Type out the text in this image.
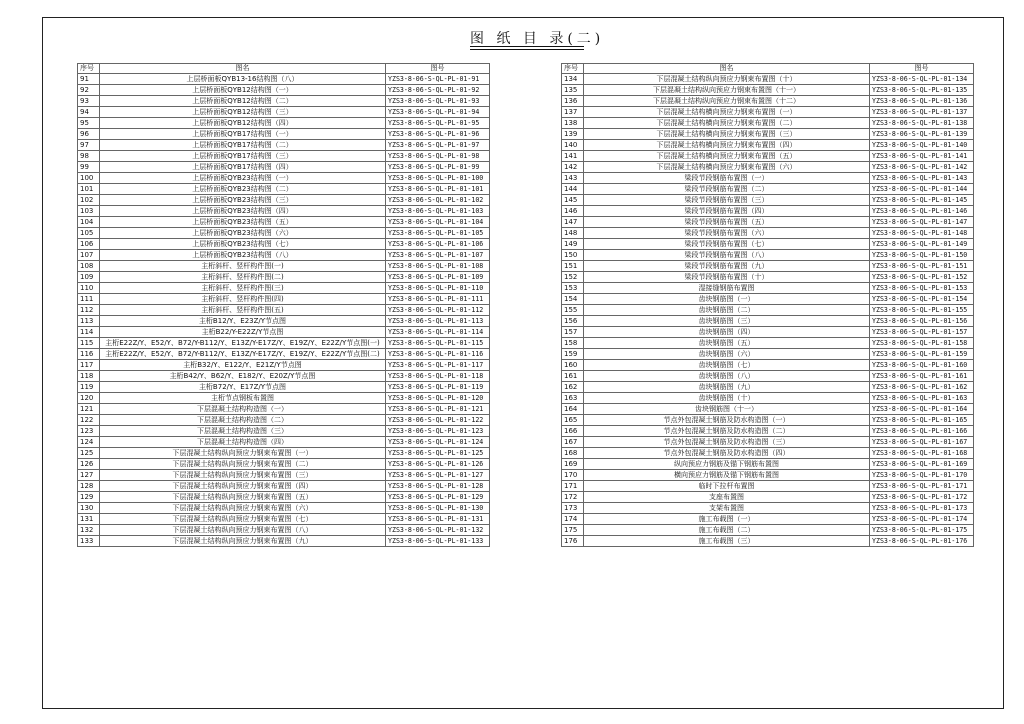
图 纸 目 录(二)
序号	图名	图号
91	上层桥面板QYB13-16结构图（八）	YZS3-8-06-S-QL-PL-01-91
92	上层桥面板QYB12结构图（一）	YZS3-8-06-S-QL-PL-01-92
93	上层桥面板QYB12结构图（二）	YZS3-8-06-S-QL-PL-01-93
94	上层桥面板QYB12结构图（三）	YZS3-8-06-S-QL-PL-01-94
95	上层桥面板QYB12结构图（四）	YZS3-8-06-S-QL-PL-01-95
96	上层桥面板QYB17结构图（一）	YZS3-8-06-S-QL-PL-01-96
97	上层桥面板QYB17结构图（二）	YZS3-8-06-S-QL-PL-01-97
98	上层桥面板QYB17结构图（三）	YZS3-8-06-S-QL-PL-01-98
99	上层桥面板QYB17结构图（四）	YZS3-8-06-S-QL-PL-01-99
100	上层桥面板QYB23结构图（一）	YZS3-8-06-S-QL-PL-01-100
101	上层桥面板QYB23结构图（二）	YZS3-8-06-S-QL-PL-01-101
102	上层桥面板QYB23结构图（三）	YZS3-8-06-S-QL-PL-01-102
103	上层桥面板QYB23结构图（四）	YZS3-8-06-S-QL-PL-01-103
104	上层桥面板QYB23结构图（五）	YZS3-8-06-S-QL-PL-01-104
105	上层桥面板QYB23结构图（六）	YZS3-8-06-S-QL-PL-01-105
106	上层桥面板QYB23结构图（七）	YZS3-8-06-S-QL-PL-01-106
107	上层桥面板QYB23结构图（八）	YZS3-8-06-S-QL-PL-01-107
108	主桁斜杆、竖杆构件图(一)	YZS3-8-06-S-QL-PL-01-108
109	主桁斜杆、竖杆构件图(二)	YZS3-8-06-S-QL-PL-01-109
110	主桁斜杆、竖杆构件图(三)	YZS3-8-06-S-QL-PL-01-110
111	主桁斜杆、竖杆构件图(四)	YZS3-8-06-S-QL-PL-01-111
112	主桁斜杆、竖杆构件图(五)	YZS3-8-06-S-QL-PL-01-112
113	主桁B12/Y、E23Z/Y节点图	YZS3-8-06-S-QL-PL-01-113
114	主桁B22/Y-E22Z/Y节点图	YZS3-8-06-S-QL-PL-01-114
115	主桁E22Z/Y、E52/Y、B72/Y-B112/Y、E13Z/Y-E17Z/Y、E19Z/Y、E22Z/Y节点图(一)	YZS3-8-06-S-QL-PL-01-115
116	主桁E22Z/Y、E52/Y、B72/Y-B112/Y、E13Z/Y-E17Z/Y、E19Z/Y、E22Z/Y节点图(二)	YZS3-8-06-S-QL-PL-01-116
117	主桁B32/Y、E122/Y、E21Z/Y节点图	YZS3-8-06-S-QL-PL-01-117
118	主桁B42/Y、B62/Y、E182/Y、E20Z/Y节点图	YZS3-8-06-S-QL-PL-01-118
119	主桁B72/Y、E17Z/Y节点图	YZS3-8-06-S-QL-PL-01-119
120	主桁节点钢板布置图	YZS3-8-06-S-QL-PL-01-120
121	下层混凝土结构构造图（一）	YZS3-8-06-S-QL-PL-01-121
122	下层混凝土结构构造图（二）	YZS3-8-06-S-QL-PL-01-122
123	下层混凝土结构构造图（三）	YZS3-8-06-S-QL-PL-01-123
124	下层混凝土结构构造图（四）	YZS3-8-06-S-QL-PL-01-124
125	下层混凝土结构纵向预应力钢束布置图（一）	YZS3-8-06-S-QL-PL-01-125
126	下层混凝土结构纵向预应力钢束布置图（二）	YZS3-8-06-S-QL-PL-01-126
127	下层混凝土结构纵向预应力钢束布置图（三）	YZS3-8-06-S-QL-PL-01-127
128	下层混凝土结构纵向预应力钢束布置图（四）	YZS3-8-06-S-QL-PL-01-128
129	下层混凝土结构纵向预应力钢束布置图（五）	YZS3-8-06-S-QL-PL-01-129
130	下层混凝土结构纵向预应力钢束布置图（六）	YZS3-8-06-S-QL-PL-01-130
131	下层混凝土结构纵向预应力钢束布置图（七）	YZS3-8-06-S-QL-PL-01-131
132	下层混凝土结构纵向预应力钢束布置图（八）	YZS3-8-06-S-QL-PL-01-132
133	下层混凝土结构纵向预应力钢束布置图（九）	YZS3-8-06-S-QL-PL-01-133
序号	图名	图号
134	下层混凝土结构纵向预应力钢束布置图（十）	YZS3-8-06-S-QL-PL-01-134
135	下层混凝土结构纵向预应力钢束布置图（十一）	YZS3-8-06-S-QL-PL-01-135
136	下层混凝土结构纵向预应力钢束布置图（十二）	YZS3-8-06-S-QL-PL-01-136
137	下层混凝土结构横向预应力钢束布置图（一）	YZS3-8-06-S-QL-PL-01-137
138	下层混凝土结构横向预应力钢束布置图（二）	YZS3-8-06-S-QL-PL-01-138
139	下层混凝土结构横向预应力钢束布置图（三）	YZS3-8-06-S-QL-PL-01-139
140	下层混凝土结构横向预应力钢束布置图（四）	YZS3-8-06-S-QL-PL-01-140
141	下层混凝土结构横向预应力钢束布置图（五）	YZS3-8-06-S-QL-PL-01-141
142	下层混凝土结构横向预应力钢束布置图（六）	YZS3-8-06-S-QL-PL-01-142
143	梁段节段钢筋布置图（一）	YZS3-8-06-S-QL-PL-01-143
144	梁段节段钢筋布置图（二）	YZS3-8-06-S-QL-PL-01-144
145	梁段节段钢筋布置图（三）	YZS3-8-06-S-QL-PL-01-145
146	梁段节段钢筋布置图（四）	YZS3-8-06-S-QL-PL-01-146
147	梁段节段钢筋布置图（五）	YZS3-8-06-S-QL-PL-01-147
148	梁段节段钢筋布置图（六）	YZS3-8-06-S-QL-PL-01-148
149	梁段节段钢筋布置图（七）	YZS3-8-06-S-QL-PL-01-149
150	梁段节段钢筋布置图（八）	YZS3-8-06-S-QL-PL-01-150
151	梁段节段钢筋布置图（九）	YZS3-8-06-S-QL-PL-01-151
152	梁段节段钢筋布置图（十）	YZS3-8-06-S-QL-PL-01-152
153	湿接缝钢筋布置图	YZS3-8-06-S-QL-PL-01-153
154	齿块钢筋图（一）	YZS3-8-06-S-QL-PL-01-154
155	齿块钢筋图（二）	YZS3-8-06-S-QL-PL-01-155
156	齿块钢筋图（三）	YZS3-8-06-S-QL-PL-01-156
157	齿块钢筋图（四）	YZS3-8-06-S-QL-PL-01-157
158	齿块钢筋图（五）	YZS3-8-06-S-QL-PL-01-158
159	齿块钢筋图（六）	YZS3-8-06-S-QL-PL-01-159
160	齿块钢筋图（七）	YZS3-8-06-S-QL-PL-01-160
161	齿块钢筋图（八）	YZS3-8-06-S-QL-PL-01-161
162	齿块钢筋图（九）	YZS3-8-06-S-QL-PL-01-162
163	齿块钢筋图（十）	YZS3-8-06-S-QL-PL-01-163
164	齿块钢筋图（十一）	YZS3-8-06-S-QL-PL-01-164
165	节点外包混凝土钢筋及防水构造图（一）	YZS3-8-06-S-QL-PL-01-165
166	节点外包混凝土钢筋及防水构造图（二）	YZS3-8-06-S-QL-PL-01-166
167	节点外包混凝土钢筋及防水构造图（三）	YZS3-8-06-S-QL-PL-01-167
168	节点外包混凝土钢筋及防水构造图（四）	YZS3-8-06-S-QL-PL-01-168
169	纵向预应力钢筋及锚下钢筋布置图	YZS3-8-06-S-QL-PL-01-169
170	横向预应力钢筋及锚下钢筋布置图	YZS3-8-06-S-QL-PL-01-170
171	临时下拉杆布置图	YZS3-8-06-S-QL-PL-01-171
172	支座布置图	YZS3-8-06-S-QL-PL-01-172
173	支架布置图	YZS3-8-06-S-QL-PL-01-173
174	施工布载图（一）	YZS3-8-06-S-QL-PL-01-174
175	施工布载图（二）	YZS3-8-06-S-QL-PL-01-175
176	施工布载图（三）	YZS3-8-06-S-QL-PL-01-176
